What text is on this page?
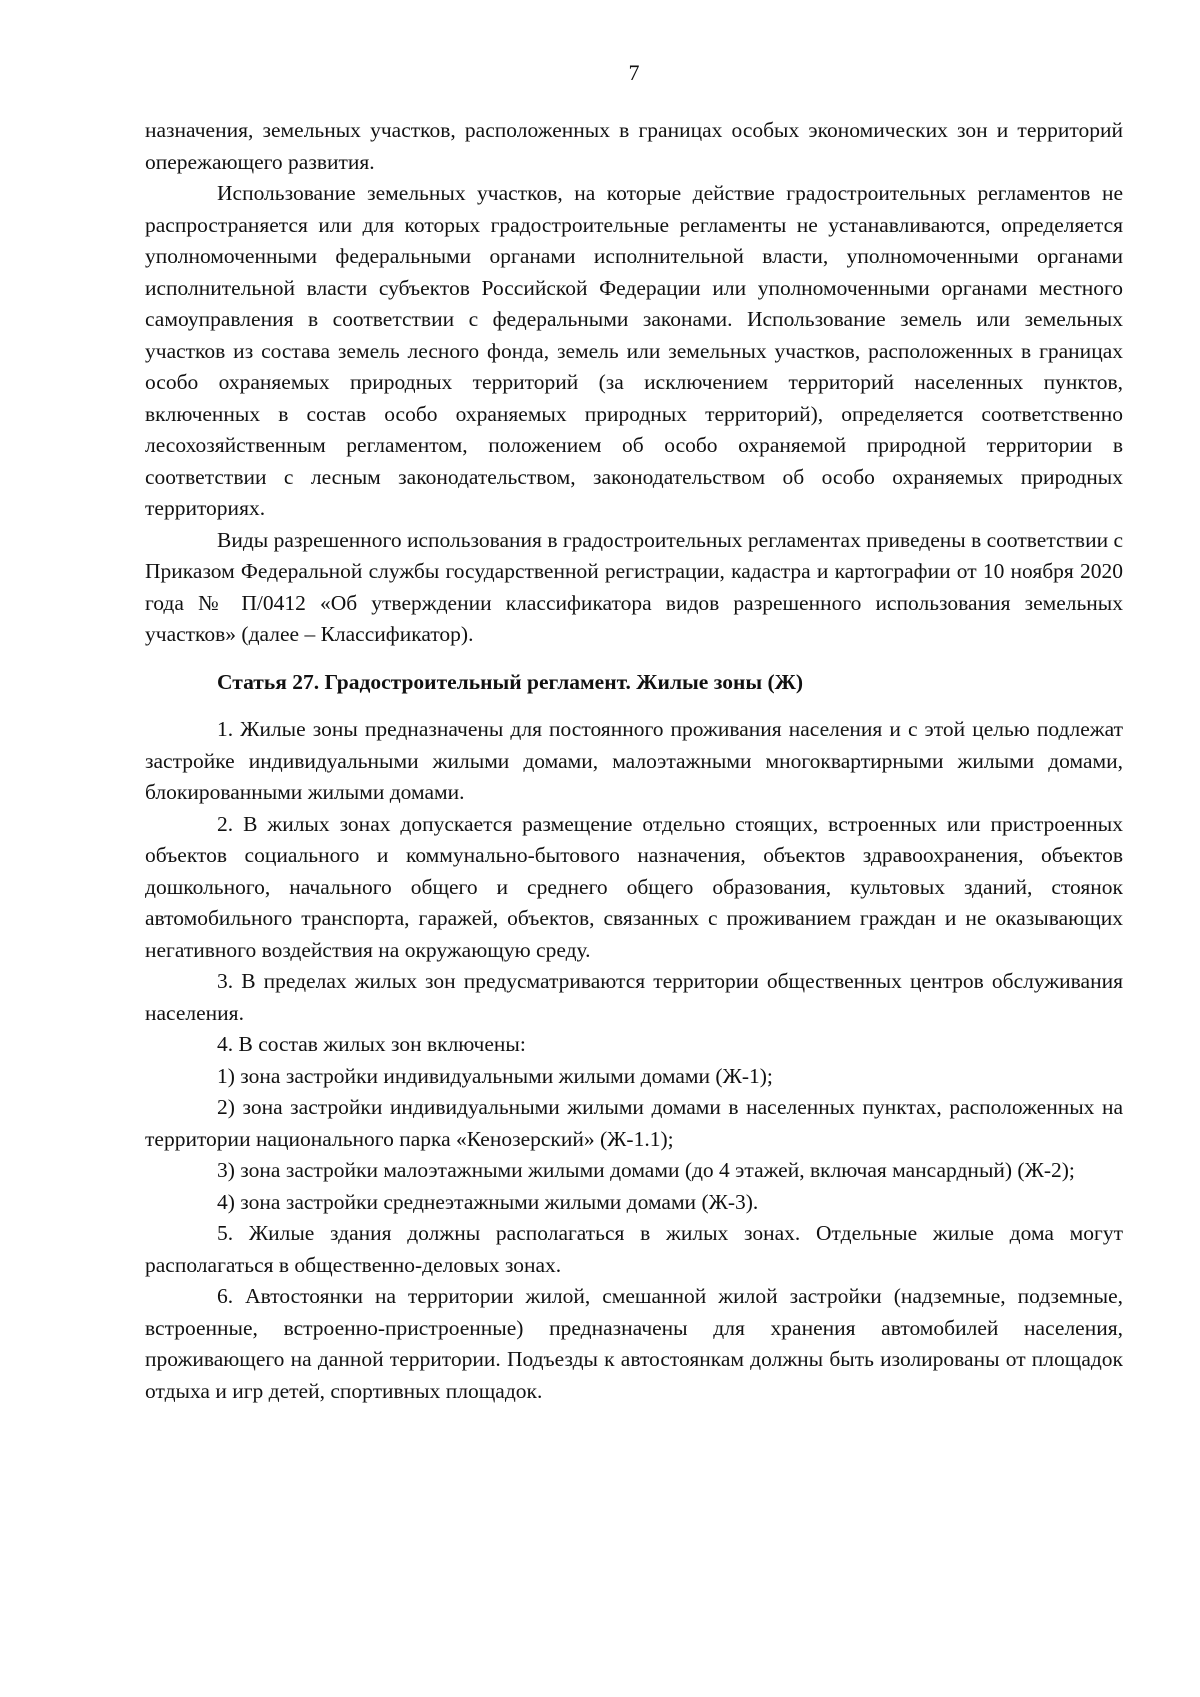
7

назначения, земельных участков, расположенных в границах особых экономических зон и территорий опережающего развития.

Использование земельных участков, на которые действие градостроительных регламентов не распространяется или для которых градостроительные регламенты не устанавливаются, определяется уполномоченными федеральными органами исполнительной власти, уполномоченными органами исполнительной власти субъектов Российской Федерации или уполномоченными органами местного самоуправления в соответствии с федеральными законами. Использование земель или земельных участков из состава земель лесного фонда, земель или земельных участков, расположенных в границах особо охраняемых природных территорий (за исключением территорий населенных пунктов, включенных в состав особо охраняемых природных территорий), определяется соответственно лесохозяйственным регламентом, положением об особо охраняемой природной территории в соответствии с лесным законодательством, законодательством об особо охраняемых природных территориях.

Виды разрешенного использования в градостроительных регламентах приведены в соответствии с Приказом Федеральной службы государственной регистрации, кадастра и картографии от 10 ноября 2020 года № П/0412 «Об утверждении классификатора видов разрешенного использования земельных участков» (далее – Классификатор).

Статья 27. Градостроительный регламент. Жилые зоны (Ж)

1. Жилые зоны предназначены для постоянного проживания населения и с этой целью подлежат застройке индивидуальными жилыми домами, малоэтажными многоквартирными жилыми домами, блокированными жилыми домами.

2. В жилых зонах допускается размещение отдельно стоящих, встроенных или пристроенных объектов социального и коммунально-бытового назначения, объектов здравоохранения, объектов дошкольного, начального общего и среднего общего образования, культовых зданий, стоянок автомобильного транспорта, гаражей, объектов, связанных с проживанием граждан и не оказывающих негативного воздействия на окружающую среду.

3. В пределах жилых зон предусматриваются территории общественных центров обслуживания населения.

4. В состав жилых зон включены:

1) зона застройки индивидуальными жилыми домами (Ж-1);

2) зона застройки индивидуальными жилыми домами в населенных пунктах, расположенных на территории национального парка «Кенозерский» (Ж-1.1);

3) зона застройки малоэтажными жилыми домами (до 4 этажей, включая мансардный) (Ж-2);

4) зона застройки среднеэтажными жилыми домами (Ж-3).

5. Жилые здания должны располагаться в жилых зонах. Отдельные жилые дома могут располагаться в общественно-деловых зонах.

6. Автостоянки на территории жилой, смешанной жилой застройки (надземные, подземные, встроенные, встроенно-пристроенные) предназначены для хранения автомобилей населения, проживающего на данной территории. Подъезды к автостоянкам должны быть изолированы от площадок отдыха и игр детей, спортивных площадок.
